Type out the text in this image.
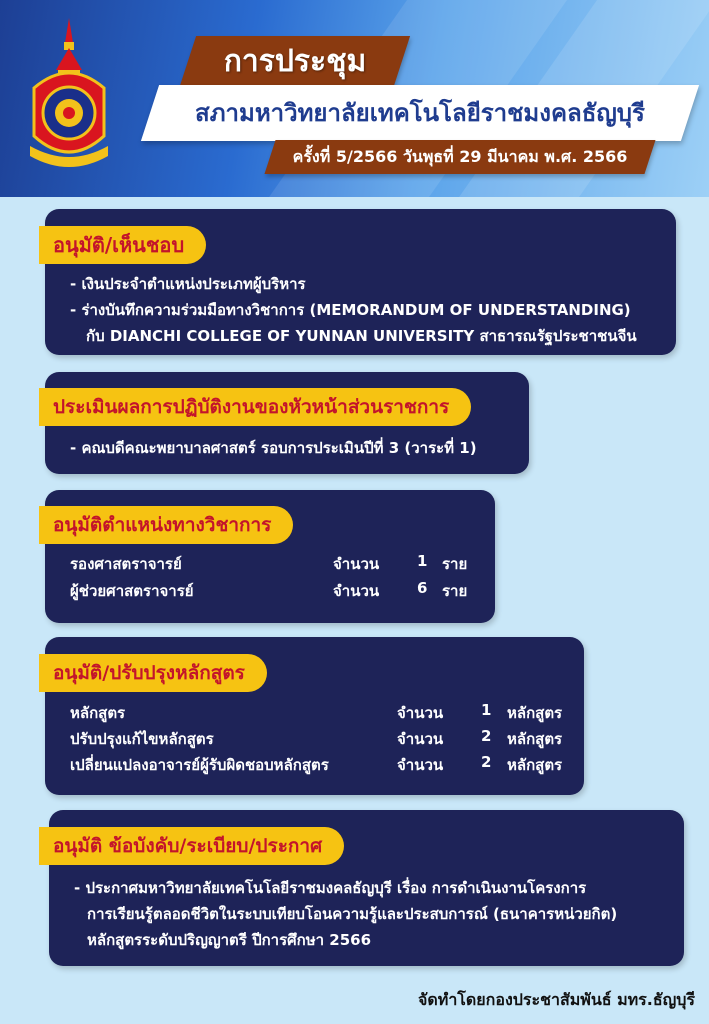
การประชุม
สภามหาวิทยาลัยเทคโนโลยีราชมงคลธัญบุรี
ครั้งที่ 5/2566 วันพุธที่ 29 มีนาคม พ.ศ. 2566
อนุมัติ/เห็นชอบ
- เงินประจำตำแหน่งประเภทผู้บริหาร
- ร่างบันทึกความร่วมมือทางวิชาการ (MEMORANDUM OF UNDERSTANDING)
กับ DIANCHI COLLEGE OF YUNNAN UNIVERSITY สาธารณรัฐประชาชนจีน
ประเมินผลการปฏิบัติงานของหัวหน้าส่วนราชการ
- คณบดีคณะพยาบาลศาสตร์ รอบการประเมินปีที่ 3 (วาระที่ 1)
อนุมัติตำแหน่งทางวิชาการ
รองศาสตราจารย์	จำนวน	1 ราย
ผู้ช่วยศาสตราจารย์	จำนวน	6 ราย
อนุมัติ/ปรับปรุงหลักสูตร
หลักสูตร	จำนวน	1 หลักสูตร
ปรับปรุงแก้ไขหลักสูตร	จำนวน	2 หลักสูตร
เปลี่ยนแปลงอาจารย์ผู้รับผิดชอบหลักสูตร	จำนวน	2 หลักสูตร
อนุมัติ ข้อบังคับ/ระเบียบ/ประกาศ
- ประกาศมหาวิทยาลัยเทคโนโลยีราชมงคลธัญบุรี เรื่อง การดำเนินงานโครงการ
การเรียนรู้ตลอดชีวิตในระบบเทียบโอนความรู้และประสบการณ์ (ธนาคารหน่วยกิต)
หลักสูตรระดับปริญญาตรี ปีการศึกษา 2566
จัดทำโดยกองประชาสัมพันธ์ มทร.ธัญบุรี
